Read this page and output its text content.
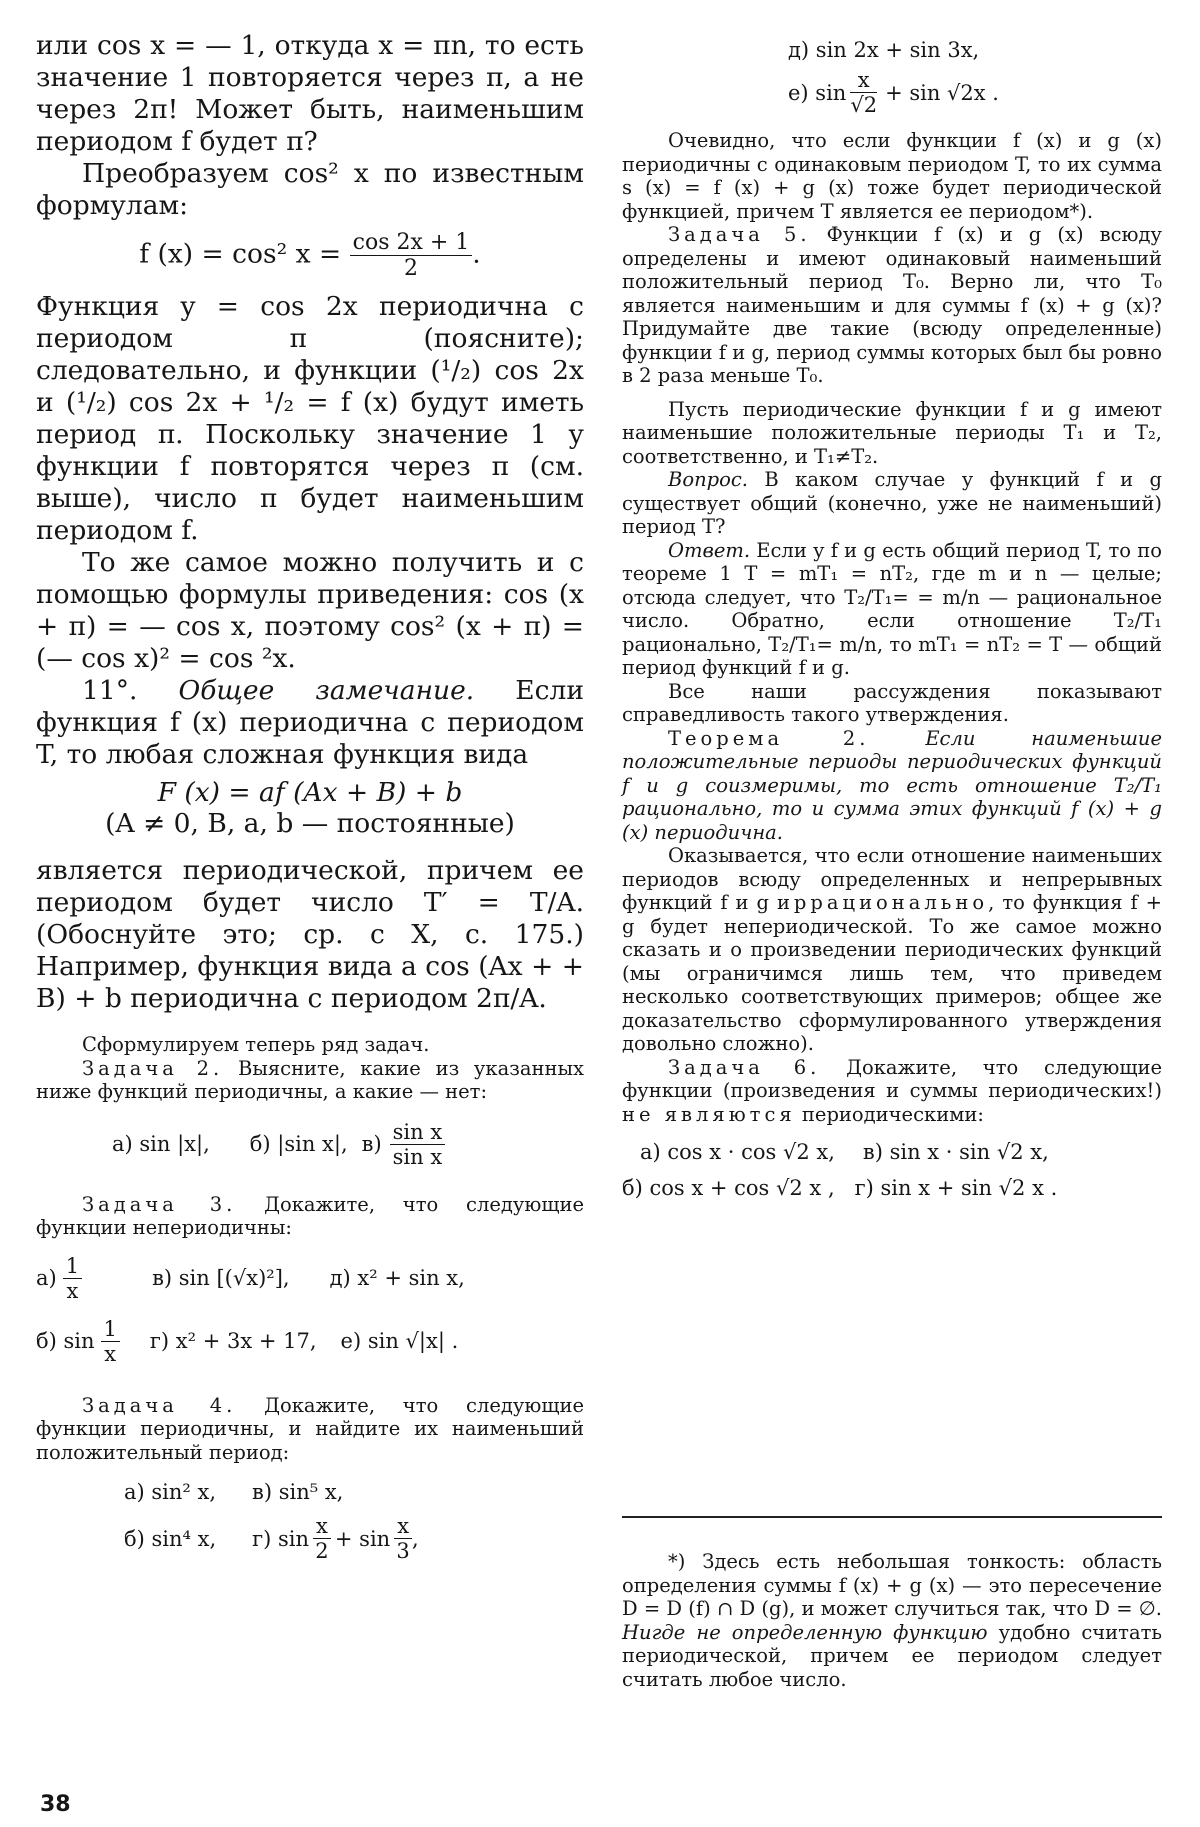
или cos x = — 1, откуда x = πn, то есть значение 1 повторяется через π, а не через 2π! Может быть, наименьшим периодом f будет π?

Преобразуем cos² x по известным формулам:

f (x) = cos² $x = \frac{\cos 2x + 1}{2}$ .

Функция y = cos 2x периодична с периодом π (поясните); следовательно, и функции (¹/₂) cos 2x и (¹/₂) cos 2x + ¹/₂ = f (x) будут иметь период π. Поскольку значение 1 у функции f повторятся через π (см. выше), число π будет наименьшим периодом f.

То же самое можно получить и с помощью формулы приведения: cos (x + π) = — cos x, поэтому cos² (x + π) = (— cos x)² = cos ²x.

11°. Общее замечание. Если функция f (x) периодична с периодом T, то любая сложная функция вида

F (x) = af (Ax + B) + b

(A ≠ 0, B, a, b — постоянные)

является периодической, причем ее периодом будет число T′ = T/A. (Обоснуйте это; ср. с X, с. 175.) Например, функция вида a cos (Ax + + B) + b периодична с периодом 2π/A.

Сформулируем теперь ряд задач.

Задача 2. Выясните, какие из указанных ниже функций периодичны, а какие — нет:

а) sin |x|, б) |sin x|, $в) \frac{\text{sin x}}{\text{sin x}}$

Задача 3. Докажите, что следующие функции непериодичны:

$а) \frac{1}{x}$	в) sin [(√x)²], д) x² + sin x,
б) $\sin \frac{1}{x} г$) x² + 3x + 17, е) sin √|x| .

Задача 4. Докажите, что следующие функции периодичны, и найдите их наименьший положительный период:

а) sin² x, в) sin⁵ x,
б) sin⁴ x, г) $\sin \frac{x}{2} + \sin \frac{x}{3}$ ,
д) sin 2x + sin 3x,
е) $\sin \frac{x}{√2} + \sin √2x$ .

Очевидно, что если функции f (x) и g (x) периодичны с одинаковым периодом T, то их сумма s (x) = f (x) + g (x) тоже будет периодической функцией, причем T является ее периодом*).

Задача 5. Функции f (x) и g (x) всюду определены и имеют одинаковый наименьший положительный период T₀. Верно ли, что T₀ является наименьшим и для суммы f (x) + g (x)? Придумайте две такие (всюду определенные) функции f и g, период суммы которых был бы ровно в 2 раза меньше T₀.

Пусть периодические функции f и g имеют наименьшие положительные периоды T₁ и T₂, соответственно, и T₁≠T₂.

Вопрос. В каком случае у функций f и g существует общий (конечно, уже не наименьший) период T?

Ответ. Если у f и g есть общий период T, то по теореме 1 T = mT₁ = nT₂, где m и n — целые; отсюда следует, что T₂/T₁= = m/n — рациональное число. Обратно, если отношение T₂/T₁ рационально, T₂/T₁= m/n, то mT₁ = nT₂ = T — общий период функций f и g.

Все наши рассуждения показывают справедливость такого утверждения.

Теорема 2. Если наименьшие положительные периоды периодических функций f и g соизмеримы, то есть отношение T₂/T₁ рационально, то и сумма этих функций f (x) + g (x) периодична.

Оказывается, что если отношение наименьших периодов всюду определенных и непрерывных функций f и g иррационально, то функция f + g будет непериодической. То же самое можно сказать и о произведении периодических функций (мы ограничимся лишь тем, что приведем несколько соответствующих примеров; общее же доказательство сформулированного утверждения довольно сложно).

Задача 6. Докажите, что следующие функции (произведения и суммы периодических!) не являются периодическими:

а) cos x · cos √2 x, в) sin x · sin √2 x,
б) cos x + cos √2 x , г) sin x + sin √2 x .

*) Здесь есть небольшая тонкость: область определения суммы f (x) + g (x) — это пересечение D = D (f) ∩ D (g), и может случиться так, что D = ∅. Нигде не определенную функцию удобно считать периодической, причем ее периодом следует считать любое число.

38
